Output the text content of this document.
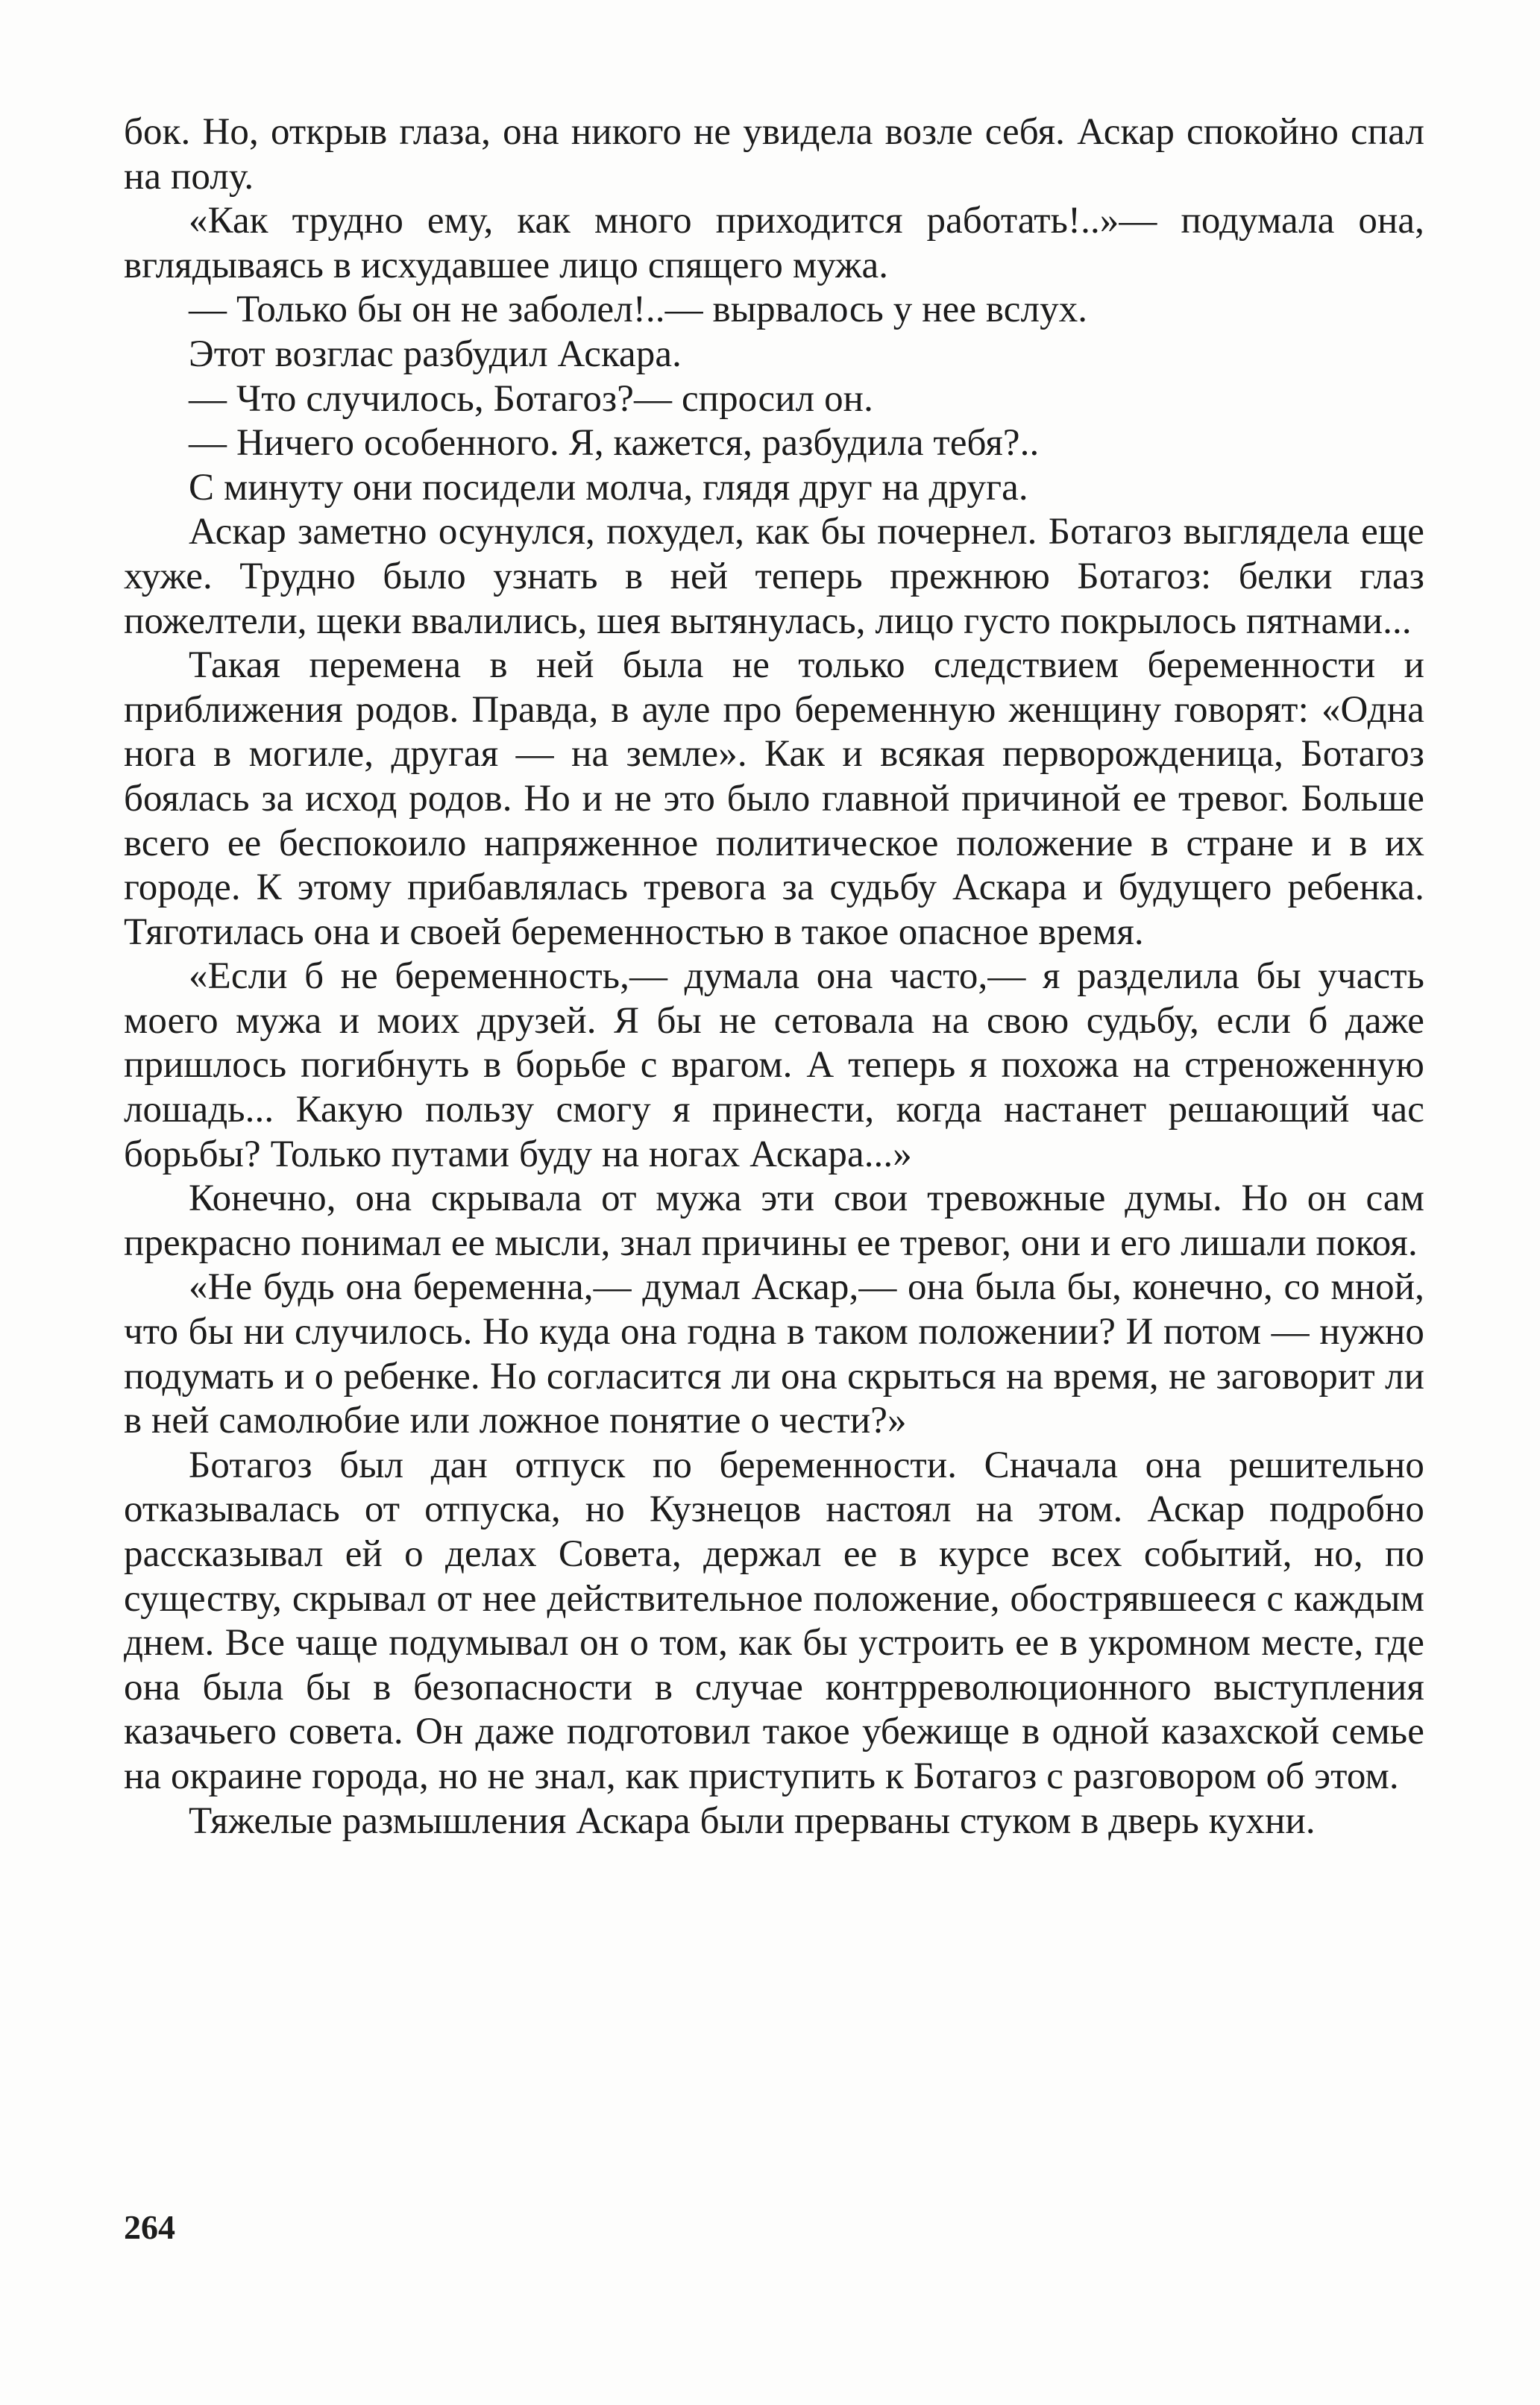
бок. Но, открыв глаза, она никого не увидела возле себя. Аскар спокойно спал на полу.

«Как трудно ему, как много приходится работать!..»— подумала она, вглядываясь в исхудавшее лицо спящего мужа.

— Только бы он не заболел!..— вырвалось у нее вслух.

Этот возглас разбудил Аскара.

— Что случилось, Ботагоз?— спросил он.

— Ничего особенного. Я, кажется, разбудила тебя?..

С минуту они посидели молча, глядя друг на друга.

Аскар заметно осунулся, похудел, как бы почернел. Ботагоз выглядела еще хуже. Трудно было узнать в ней теперь прежнюю Ботагоз: белки глаз пожелтели, щеки ввалились, шея вытянулась, лицо густо покрылось пятнами...

Такая перемена в ней была не только следствием беременности и приближения родов. Правда, в ауле про беременную женщину говорят: «Одна нога в могиле, другая — на земле». Как и всякая перворожденица, Ботагоз боялась за исход родов. Но и не это было главной причиной ее тревог. Больше всего ее беспокоило напряженное политическое положение в стране и в их городе. К этому прибавлялась тревога за судьбу Аскара и будущего ребенка. Тяготилась она и своей беременностью в такое опасное время.

«Если б не беременность,— думала она часто,— я разделила бы участь моего мужа и моих друзей. Я бы не сетовала на свою судьбу, если б даже пришлось погибнуть в борьбе с врагом. А теперь я похожа на стреноженную лошадь... Какую пользу смогу я принести, когда настанет решающий час борьбы? Только путами буду на ногах Аскара...»

Конечно, она скрывала от мужа эти свои тревожные думы. Но он сам прекрасно понимал ее мысли, знал причины ее тревог, они и его лишали покоя.

«Не будь она беременна,— думал Аскар,— она была бы, конечно, со мной, что бы ни случилось. Но куда она годна в таком положении? И потом — нужно подумать и о ребенке. Но согласится ли она скрыться на время, не заговорит ли в ней самолюбие или ложное понятие о чести?»

Ботагоз был дан отпуск по беременности. Сначала она решительно отказывалась от отпуска, но Кузнецов настоял на этом. Аскар подробно рассказывал ей о делах Совета, держал ее в курсе всех событий, но, по существу, скрывал от нее действительное положение, обострявшееся с каждым днем. Все чаще подумывал он о том, как бы устроить ее в укромном месте, где она была бы в безопасности в случае контрреволюционного выступления казачьего совета. Он даже подготовил такое убежище в одной казахской семье на окраине города, но не знал, как приступить к Ботагоз с разговором об этом.

Тяжелые размышления Аскара были прерваны стуком в дверь кухни.

264
